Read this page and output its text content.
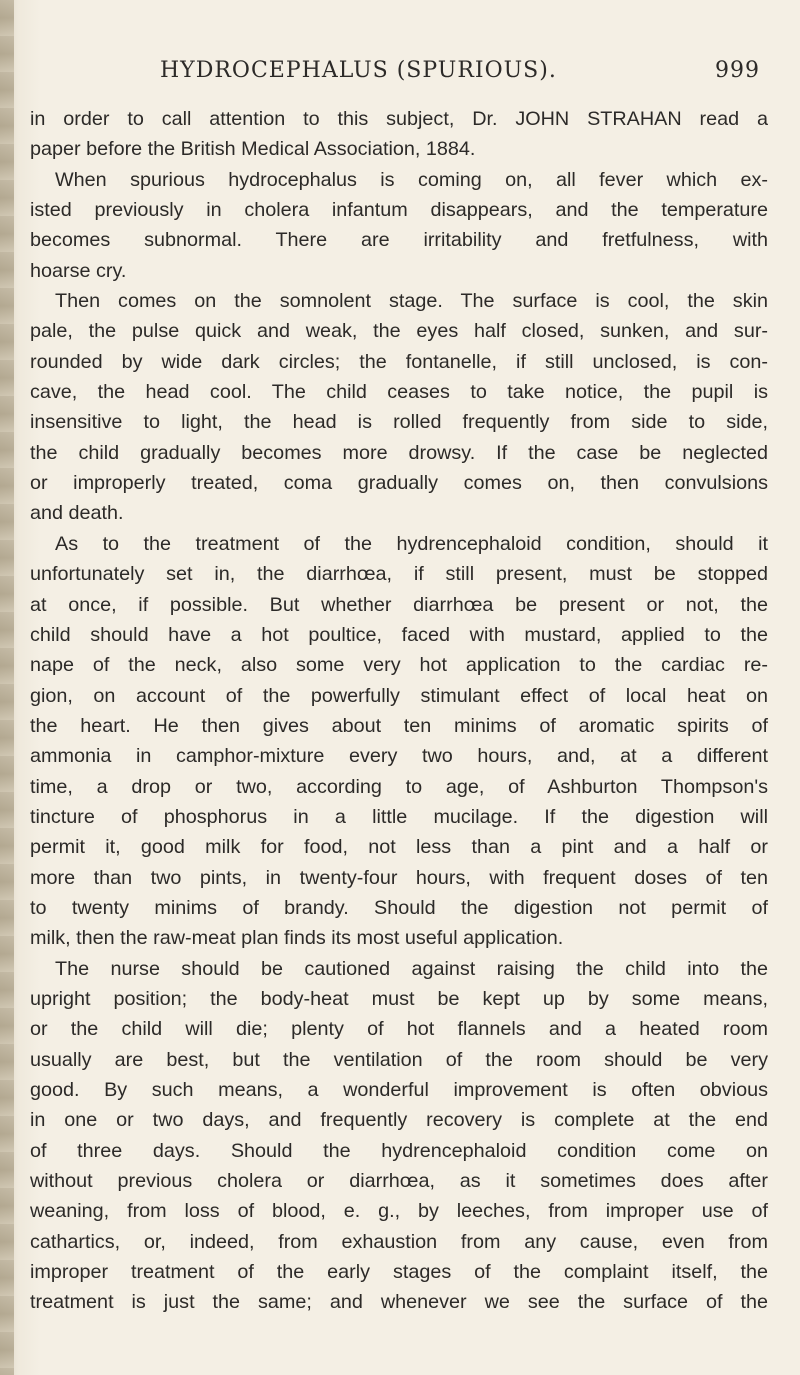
HYDROCEPHALUS (SPURIOUS).	999
in order to call attention to this subject, Dr. JOHN STRAHAN read a
paper before the British Medical Association, 1884.
When spurious hydrocephalus is coming on, all fever which ex-
isted previously in cholera infantum disappears, and the temperature
becomes subnormal. There are irritability and fretfulness, with
hoarse cry.
Then comes on the somnolent stage. The surface is cool, the skin
pale, the pulse quick and weak, the eyes half closed, sunken, and sur-
rounded by wide dark circles; the fontanelle, if still unclosed, is con-
cave, the head cool. The child ceases to take notice, the pupil is
insensitive to light, the head is rolled frequently from side to side,
the child gradually becomes more drowsy. If the case be neglected
or improperly treated, coma gradually comes on, then convulsions
and death.
As to the treatment of the hydrencephaloid condition, should it
unfortunately set in, the diarrhœa, if still present, must be stopped
at once, if possible. But whether diarrhœa be present or not, the
child should have a hot poultice, faced with mustard, applied to the
nape of the neck, also some very hot application to the cardiac re-
gion, on account of the powerfully stimulant effect of local heat on
the heart. He then gives about ten minims of aromatic spirits of
ammonia in camphor-mixture every two hours, and, at a different
time, a drop or two, according to age, of Ashburton Thompson's
tincture of phosphorus in a little mucilage. If the digestion will
permit it, good milk for food, not less than a pint and a half or
more than two pints, in twenty-four hours, with frequent doses of ten
to twenty minims of brandy. Should the digestion not permit of
milk, then the raw-meat plan finds its most useful application.
The nurse should be cautioned against raising the child into the
upright position; the body-heat must be kept up by some means,
or the child will die; plenty of hot flannels and a heated room
usually are best, but the ventilation of the room should be very
good. By such means, a wonderful improvement is often obvious
in one or two days, and frequently recovery is complete at the end
of three days. Should the hydrencephaloid condition come on
without previous cholera or diarrhœa, as it sometimes does after
weaning, from loss of blood, e. g., by leeches, from improper use of
cathartics, or, indeed, from exhaustion from any cause, even from
improper treatment of the early stages of the complaint itself, the
treatment is just the same; and whenever we see the surface of the
